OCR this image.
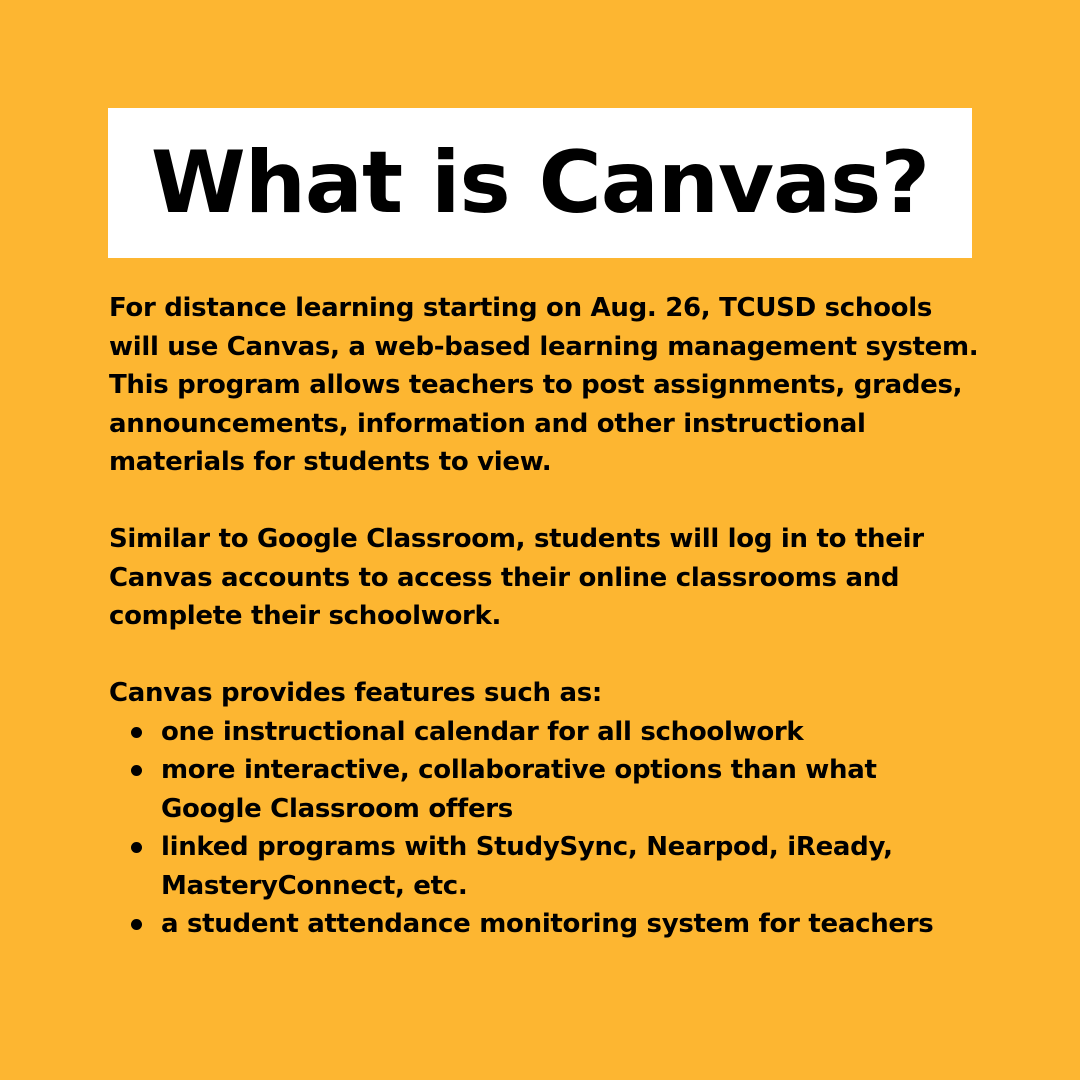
What is Canvas?

For distance learning starting on Aug. 26, TCUSD schools will use Canvas, a web-based learning management system. This program allows teachers to post assignments, grades, announcements, information and other instructional materials for students to view.

Similar to Google Classroom, students will log in to their Canvas accounts to access their online classrooms and complete their schoolwork.

Canvas provides features such as:

one instructional calendar for all schoolwork
more interactive, collaborative options than what Google Classroom offers
linked programs with StudySync, Nearpod, iReady, MasteryConnect, etc.
a student attendance monitoring system for teachers
